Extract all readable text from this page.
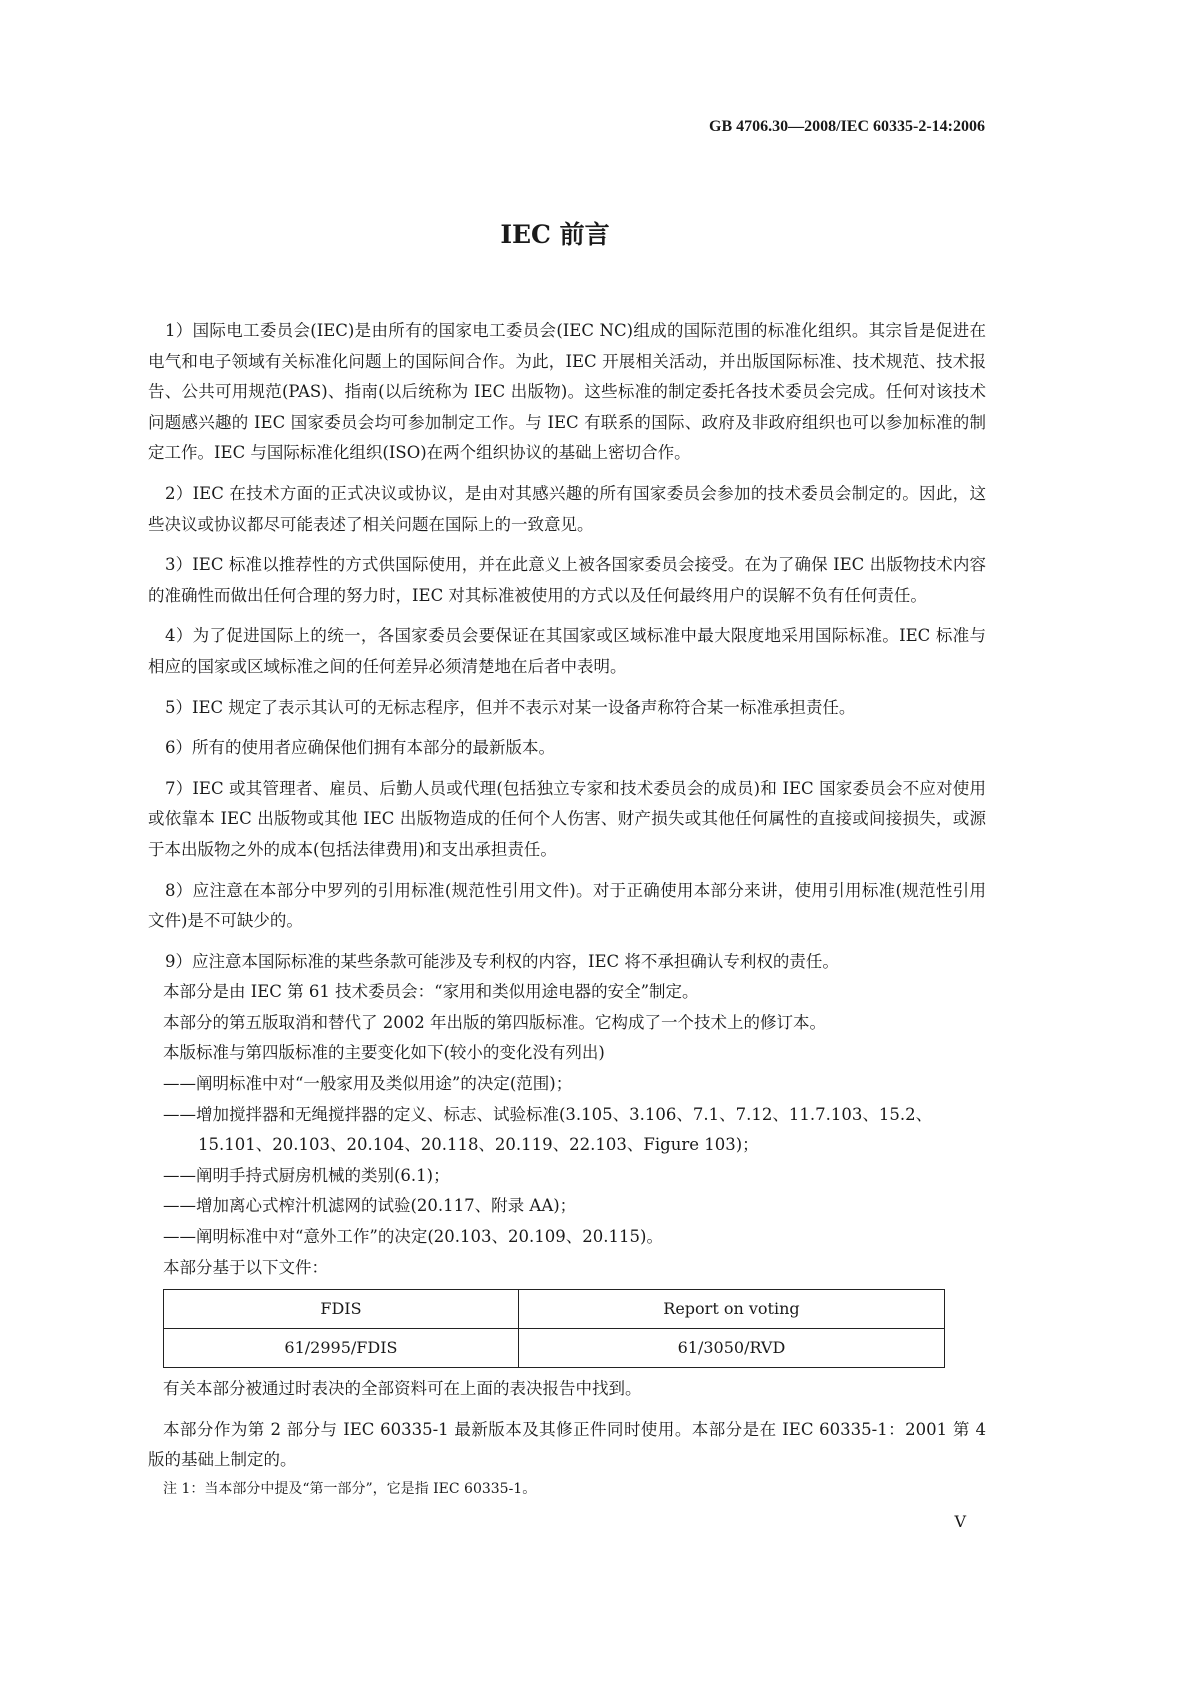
GB 4706.30—2008/IEC 60335-2-14:2006
IEC 前言

1）国际电工委员会(IEC)是由所有的国家电工委员会(IEC NC)组成的国际范围的标准化组织。其宗旨是促进在电气和电子领域有关标准化问题上的国际间合作。为此，IEC 开展相关活动，并出版国际标准、技术规范、技术报告、公共可用规范(PAS)、指南(以后统称为 IEC 出版物)。这些标准的制定委托各技术委员会完成。任何对该技术问题感兴趣的 IEC 国家委员会均可参加制定工作。与 IEC 有联系的国际、政府及非政府组织也可以参加标准的制定工作。IEC 与国际标准化组织(ISO)在两个组织协议的基础上密切合作。

2）IEC 在技术方面的正式决议或协议，是由对其感兴趣的所有国家委员会参加的技术委员会制定的。因此，这些决议或协议都尽可能表述了相关问题在国际上的一致意见。

3）IEC 标准以推荐性的方式供国际使用，并在此意义上被各国家委员会接受。在为了确保 IEC 出版物技术内容的准确性而做出任何合理的努力时，IEC 对其标准被使用的方式以及任何最终用户的误解不负有任何责任。

4）为了促进国际上的统一，各国家委员会要保证在其国家或区域标准中最大限度地采用国际标准。IEC 标准与相应的国家或区域标准之间的任何差异必须清楚地在后者中表明。

5）IEC 规定了表示其认可的无标志程序，但并不表示对某一设备声称符合某一标准承担责任。

6）所有的使用者应确保他们拥有本部分的最新版本。

7）IEC 或其管理者、雇员、后勤人员或代理(包括独立专家和技术委员会的成员)和 IEC 国家委员会不应对使用或依靠本 IEC 出版物或其他 IEC 出版物造成的任何个人伤害、财产损失或其他任何属性的直接或间接损失，或源于本出版物之外的成本(包括法律费用)和支出承担责任。

8）应注意在本部分中罗列的引用标准(规范性引用文件)。对于正确使用本部分来讲，使用引用标准(规范性引用文件)是不可缺少的。

9）应注意本国际标准的某些条款可能涉及专利权的内容，IEC 将不承担确认专利权的责任。

本部分是由 IEC 第 61 技术委员会：“家用和类似用途电器的安全”制定。

本部分的第五版取消和替代了 2002 年出版的第四版标准。它构成了一个技术上的修订本。

本版标准与第四版标准的主要变化如下(较小的变化没有列出)

——阐明标准中对“一般家用及类似用途”的决定(范围)；

——增加搅拌器和无绳搅拌器的定义、标志、试验标准(3.105、3.106、7.1、7.12、11.7.103、15.2、15.101、20.103、20.104、20.118、20.119、22.103、Figure 103)；

——阐明手持式厨房机械的类别(6.1)；

——增加离心式榨汁机滤网的试验(20.117、附录 AA)；

——阐明标准中对“意外工作”的决定(20.103、20.109、20.115)。

本部分基于以下文件：

FDIS	Report on voting
61/2995/FDIS	61/3050/RVD

有关本部分被通过时表决的全部资料可在上面的表决报告中找到。

本部分作为第 2 部分与 IEC 60335-1 最新版本及其修正件同时使用。本部分是在 IEC 60335-1：2001 第 4 版的基础上制定的。

注 1：当本部分中提及“第一部分”，它是指 IEC 60335-1。

V
